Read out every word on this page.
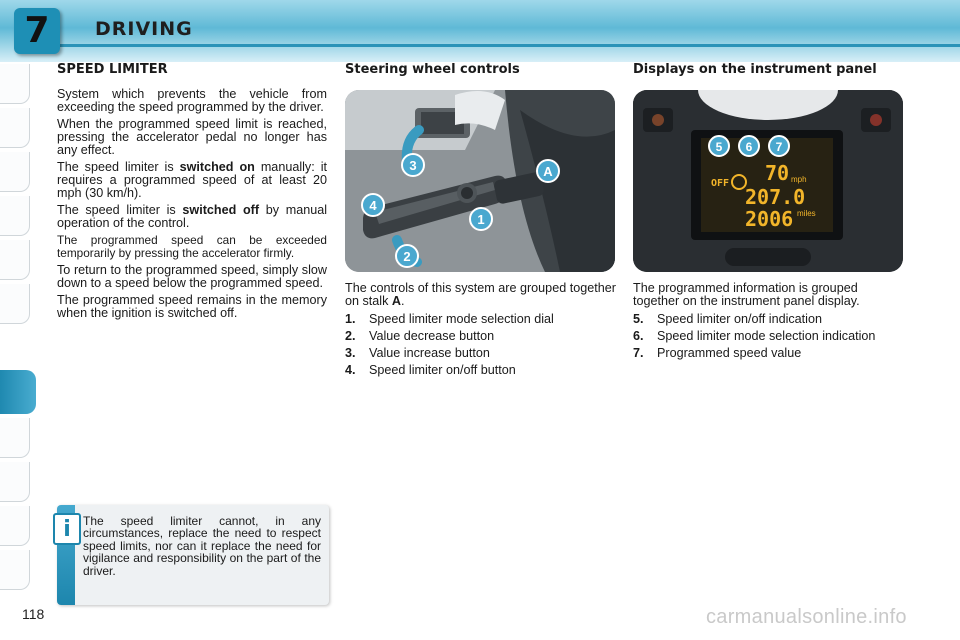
7 DRIVING
SPEED LIMITER	Steering wheel controls	Displays on the instrument panel

System which prevents the vehicle from exceeding the speed programmed by the driver.

When the programmed speed limit is reached, pressing the accelerator pedal no longer has any effect.

The speed limiter is switched on manually: it requires a programmed speed of at least 20 mph (30 km/h).

The speed limiter is switched off by manual operation of the control.

The programmed speed can be exceeded temporarily by pressing the accelerator firmly.

To return to the programmed speed, simply slow down to a speed below the programmed speed.

The programmed speed remains in the memory when the ignition is switched off.

3
4
2
1
A
OFF 70 mph
207.0
2006 miles
5 6 7

The controls of this system are grouped together on stalk A.

1.	Speed limiter mode selection dial
2.	Value decrease button
3.	Value increase button
4.	Speed limiter on/off button

The programmed information is grouped together on the instrument panel display.

5.	Speed limiter on/off indication
6.	Speed limiter mode selection indication
7.	Programmed speed value
i	The speed limiter cannot, in any circumstances, replace the need to respect speed limits, nor can it replace the need for vigilance and responsibility on the part of the driver.
118	carmanualsonline.info
